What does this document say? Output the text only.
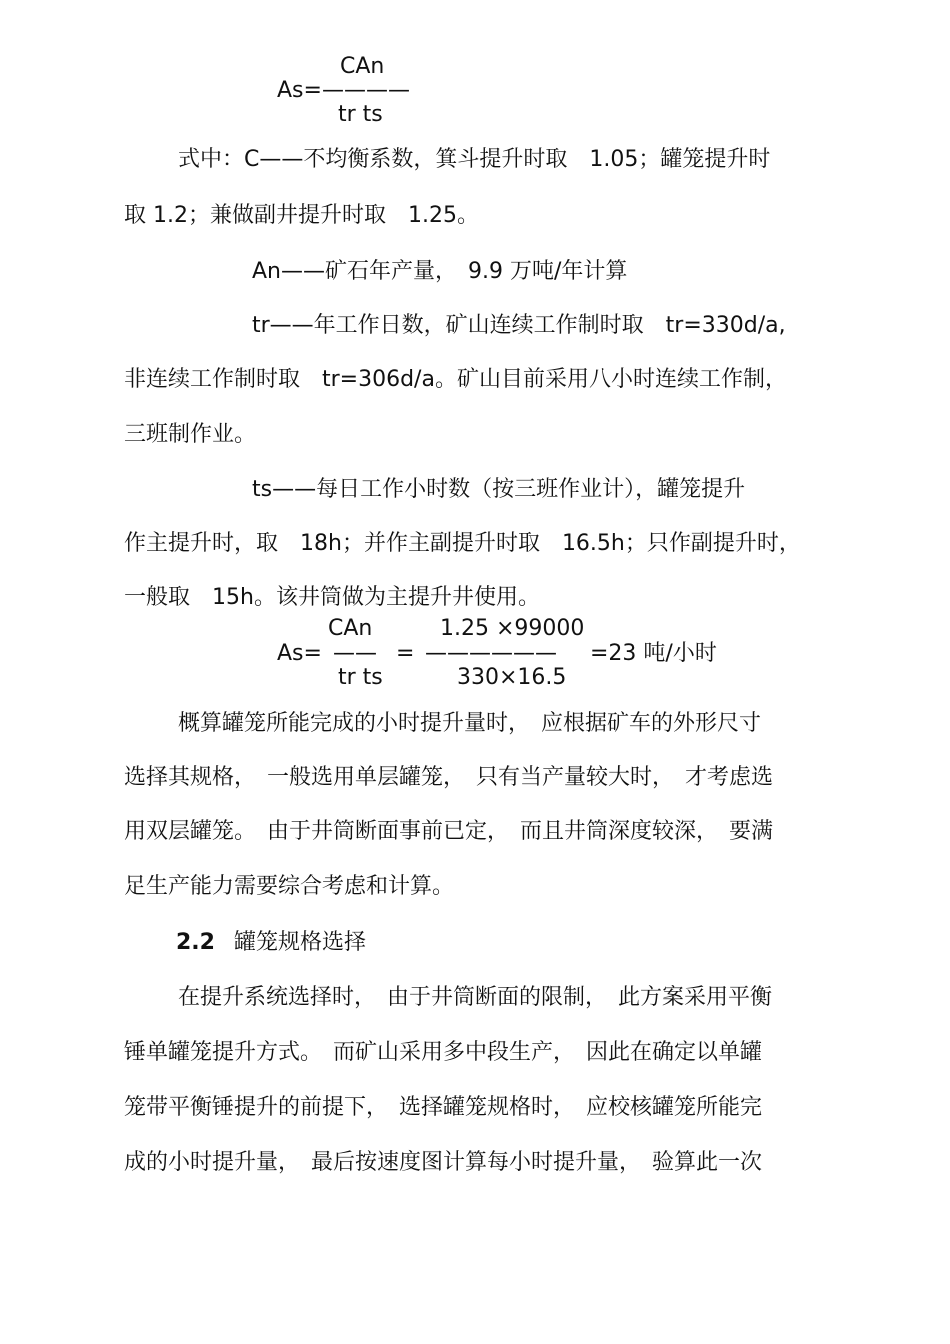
CAn
As=————
tr ts
式中：C——不均衡系数，箕斗提升时取　1.05；罐笼提升时
取 1.2；兼做副井提升时取　1.25。
An——矿石年产量，　9.9 万吨/年计算
tr——年工作日数，矿山连续工作制时取　tr=330d/a,
非连续工作制时取　tr=306d/a。矿山目前采用八小时连续工作制，
三班制作业。
ts——每日工作小时数（按三班作业计），罐笼提升
作主提升时，取　18h；并作主副提升时取　16.5h；只作副提升时，
一般取　15h。该井筒做为主提升井使用。
CAn	1.25 ×99000
As= —— = —————— =23 吨/小时
tr ts	330×16.5
概算罐笼所能完成的小时提升量时，　应根据矿车的外形尺寸
选择其规格，　一般选用单层罐笼，　只有当产量较大时，　才考虑选
用双层罐笼。　由于井筒断面事前已定，　而且井筒深度较深，　要满
足生产能力需要综合考虑和计算。
2.2 罐笼规格选择
在提升系统选择时，　由于井筒断面的限制，　此方案采用平衡
锤单罐笼提升方式。　而矿山采用多中段生产，　因此在确定以单罐
笼带平衡锤提升的前提下，　选择罐笼规格时，　应校核罐笼所能完
成的小时提升量，　最后按速度图计算每小时提升量，　验算此一次
